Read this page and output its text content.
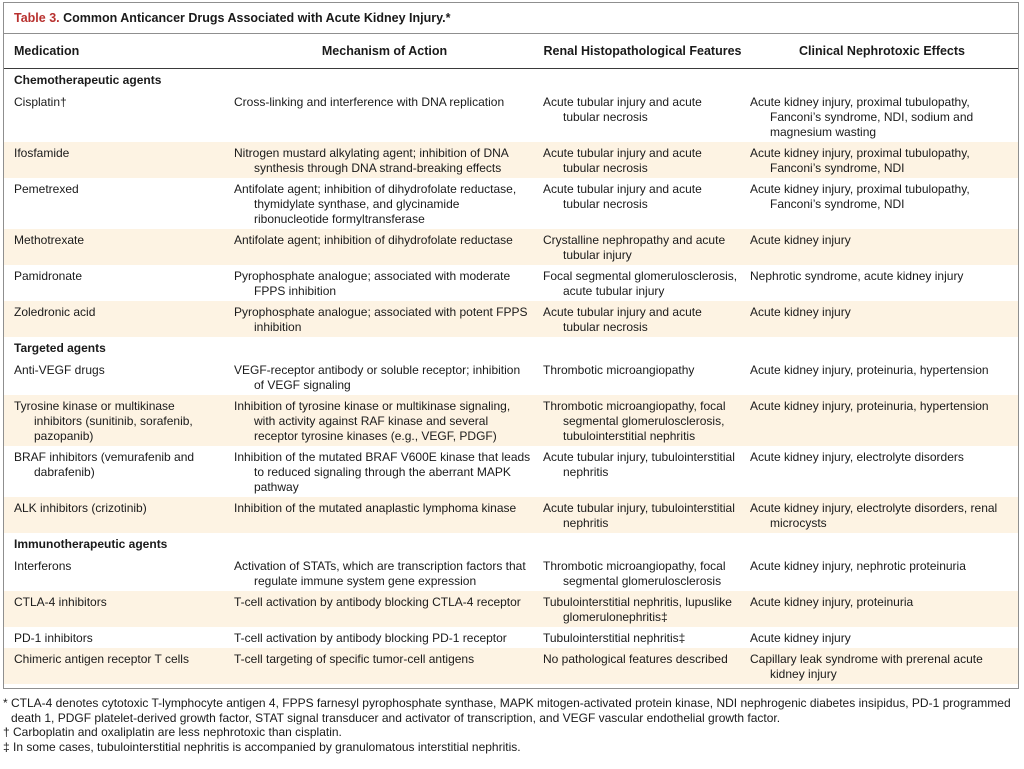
Table 3. Common Anticancer Drugs Associated with Acute Kidney Injury.*
Medication	Mechanism of Action	Renal Histopathological Features	Clinical Nephrotoxic Effects
Chemotherapeutic agents			

Cisplatin†	Cross-linking and interference with DNA replication	Acute tubular injury and acute tubular necrosis	Acute kidney injury, proximal tubulopathy, Fanconi’s syndrome, NDI, sodium and magnesium wasting

Ifosfamide	Nitrogen mustard alkylating agent; inhibition of DNA synthesis through DNA strand-breaking effects	Acute tubular injury and acute tubular necrosis	Acute kidney injury, proximal tubulopathy, Fanconi’s syndrome, NDI

Pemetrexed	Antifolate agent; inhibition of dihydrofolate reductase, thymidylate synthase, and glycinamide ribonucleotide formyltransferase	Acute tubular injury and acute tubular necrosis	Acute kidney injury, proximal tubulopathy, Fanconi’s syndrome, NDI

Methotrexate	Antifolate agent; inhibition of dihydrofolate reductase	Crystalline nephropathy and acute tubular injury	Acute kidney injury

Pamidronate	Pyrophosphate analogue; associated with moderate FPPS inhibition	Focal segmental glomerulosclerosis, acute tubular injury	Nephrotic syndrome, acute kidney injury

Zoledronic acid	Pyrophosphate analogue; associated with potent FPPS inhibition	Acute tubular injury and acute tubular necrosis	Acute kidney injury

Targeted agents			

Anti-VEGF drugs	VEGF-receptor antibody or soluble receptor; inhibition of VEGF signaling	Thrombotic microangiopathy	Acute kidney injury, proteinuria, hypertension

Tyrosine kinase or multikinase inhibitors (sunitinib, sorafenib, pazopanib)	Inhibition of tyrosine kinase or multikinase signaling, with activity against RAF kinase and several receptor tyrosine kinases (e.g., VEGF, PDGF)	Thrombotic microangiopathy, focal segmental glomerulosclerosis, tubulointerstitial nephritis	Acute kidney injury, proteinuria, hypertension

BRAF inhibitors (vemurafenib and dabrafenib)	Inhibition of the mutated BRAF V600E kinase that leads to reduced signaling through the aberrant MAPK pathway	Acute tubular injury, tubulointerstitial nephritis	Acute kidney injury, electrolyte disorders

ALK inhibitors (crizotinib)	Inhibition of the mutated anaplastic lymphoma kinase	Acute tubular injury, tubulointerstitial nephritis	Acute kidney injury, electrolyte disorders, renal microcysts

Immunotherapeutic agents			

Interferons	Activation of STATs, which are transcription factors that regulate immune system gene expression	Thrombotic microangiopathy, focal segmental glomerulosclerosis	Acute kidney injury, nephrotic proteinuria

CTLA-4 inhibitors	T-cell activation by antibody blocking CTLA-4 receptor	Tubulointerstitial nephritis, lupuslike glomerulonephritis‡	Acute kidney injury, proteinuria

PD-1 inhibitors	T-cell activation by antibody blocking PD-1 receptor	Tubulointerstitial nephritis‡	Acute kidney injury

Chimeric antigen receptor T cells	T-cell targeting of specific tumor-cell antigens	No pathological features described	Capillary leak syndrome with prerenal acute kidney injury
* CTLA-4 denotes cytotoxic T-lymphocyte antigen 4, FPPS farnesyl pyrophosphate synthase, MAPK mitogen-activated protein kinase, NDI nephrogenic diabetes insipidus, PD-1 programmed death 1, PDGF platelet-derived growth factor, STAT signal transducer and activator of transcription, and VEGF vascular endothelial growth factor.
† Carboplatin and oxaliplatin are less nephrotoxic than cisplatin.
‡ In some cases, tubulointerstitial nephritis is accompanied by granulomatous interstitial nephritis.
